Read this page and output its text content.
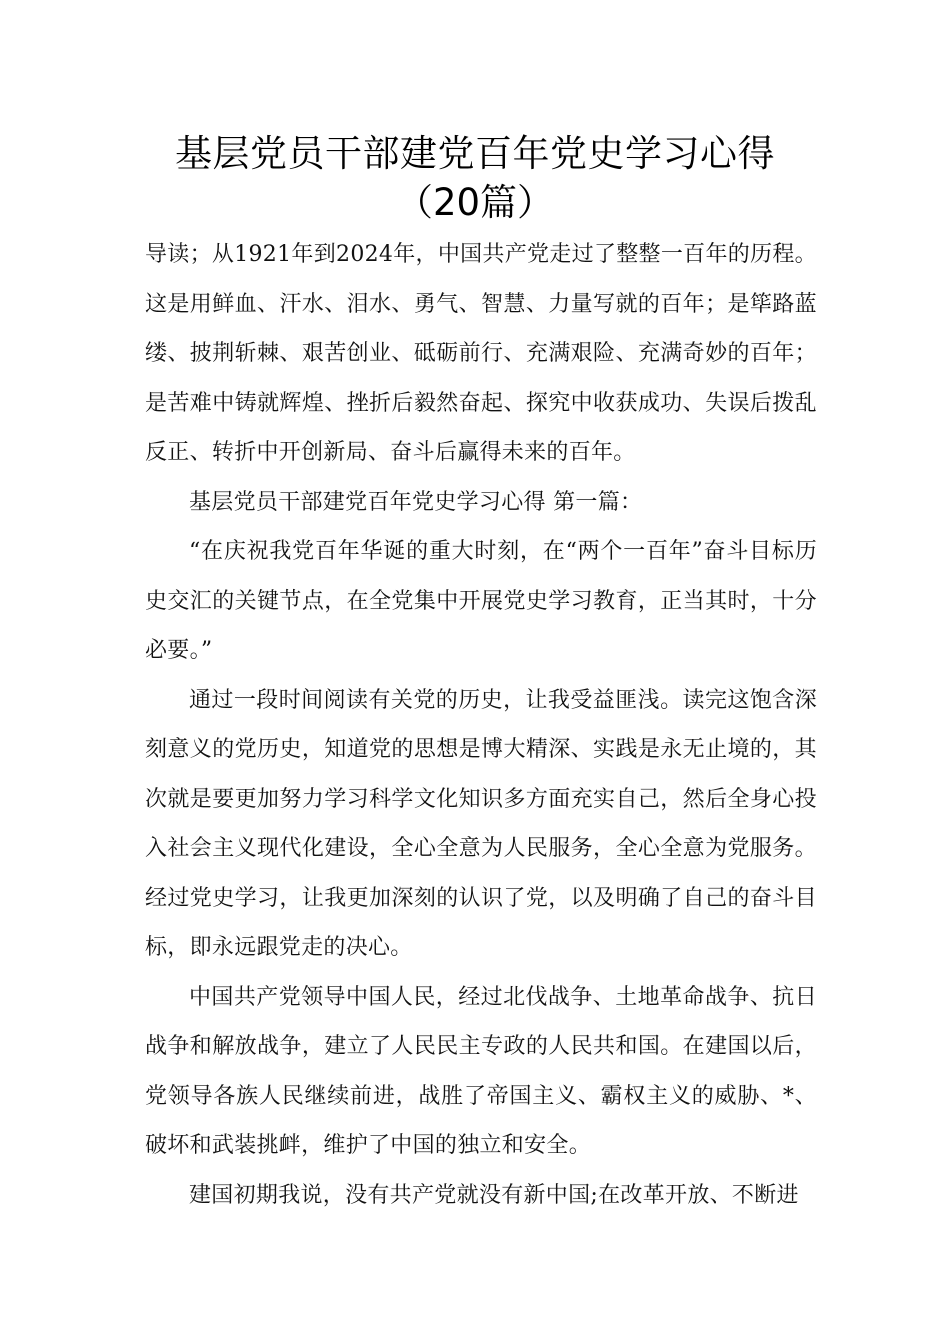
基层党员干部建党百年党史学习心得
（20篇）

导读；从1921年到2024年，中国共产党走过了整整一百年的历程。这是用鲜血、汗水、泪水、勇气、智慧、力量写就的百年；是筚路蓝缕、披荆斩棘、艰苦创业、砥砺前行、充满艰险、充满奇妙的百年；是苦难中铸就辉煌、挫折后毅然奋起、探究中收获成功、失误后拨乱反正、转折中开创新局、奋斗后赢得未来的百年。

基层党员干部建党百年党史学习心得 第一篇：

“在庆祝我党百年华诞的重大时刻，在“两个一百年”奋斗目标历史交汇的关键节点，在全党集中开展党史学习教育，正当其时，十分必要。”

通过一段时间阅读有关党的历史，让我受益匪浅。读完这饱含深刻意义的党历史，知道党的思想是博大精深、实践是永无止境的，其次就是要更加努力学习科学文化知识多方面充实自己，然后全身心投入社会主义现代化建设，全心全意为人民服务，全心全意为党服务。经过党史学习，让我更加深刻的认识了党，以及明确了自己的奋斗目标，即永远跟党走的决心。

中国共产党领导中国人民，经过北伐战争、土地革命战争、抗日战争和解放战争，建立了人民民主专政的人民共和国。在建国以后，党领导各族人民继续前进，战胜了帝国主义、霸权主义的威胁、*、破坏和武装挑衅，维护了中国的独立和安全。

建国初期我说，没有共产党就没有新中国;在改革开放、不断进
